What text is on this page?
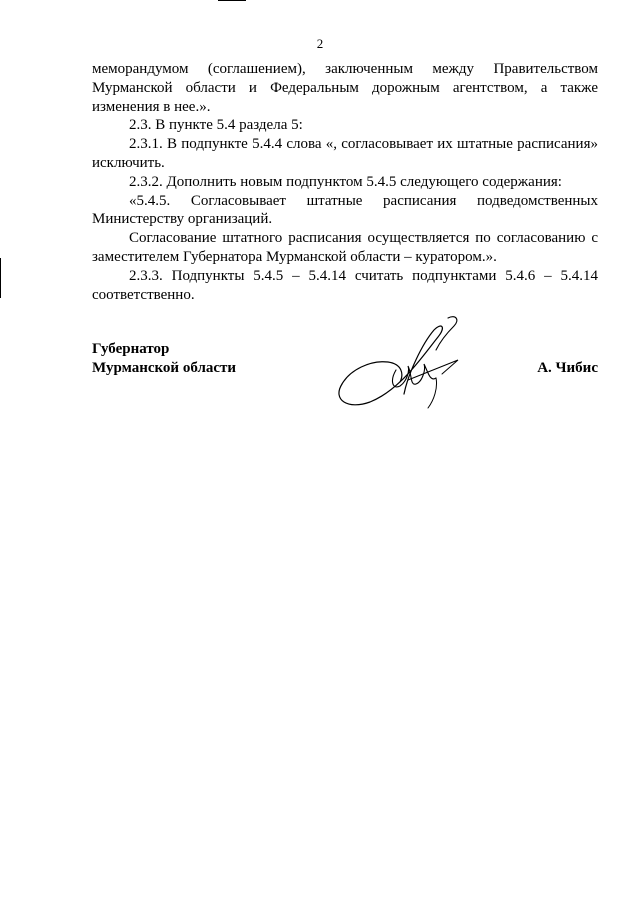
2

меморандумом (соглашением), заключенным между Правительством Мурманской области и Федеральным дорожным агентством, а также изменения в нее.».

2.3. В пункте 5.4 раздела 5:

2.3.1. В подпункте 5.4.4 слова «, согласовывает их штатные расписания» исключить.

2.3.2. Дополнить новым подпунктом 5.4.5 следующего содержания:

«5.4.5. Согласовывает штатные расписания подведомственных Министерству организаций.

Согласование штатного расписания осуществляется по согласованию с заместителем Губернатора Мурманской области – куратором.».

2.3.3. Подпункты 5.4.5 – 5.4.14 считать подпунктами 5.4.6 – 5.4.14 соответственно.

Губернатор
Мурманской области	А. Чибис
